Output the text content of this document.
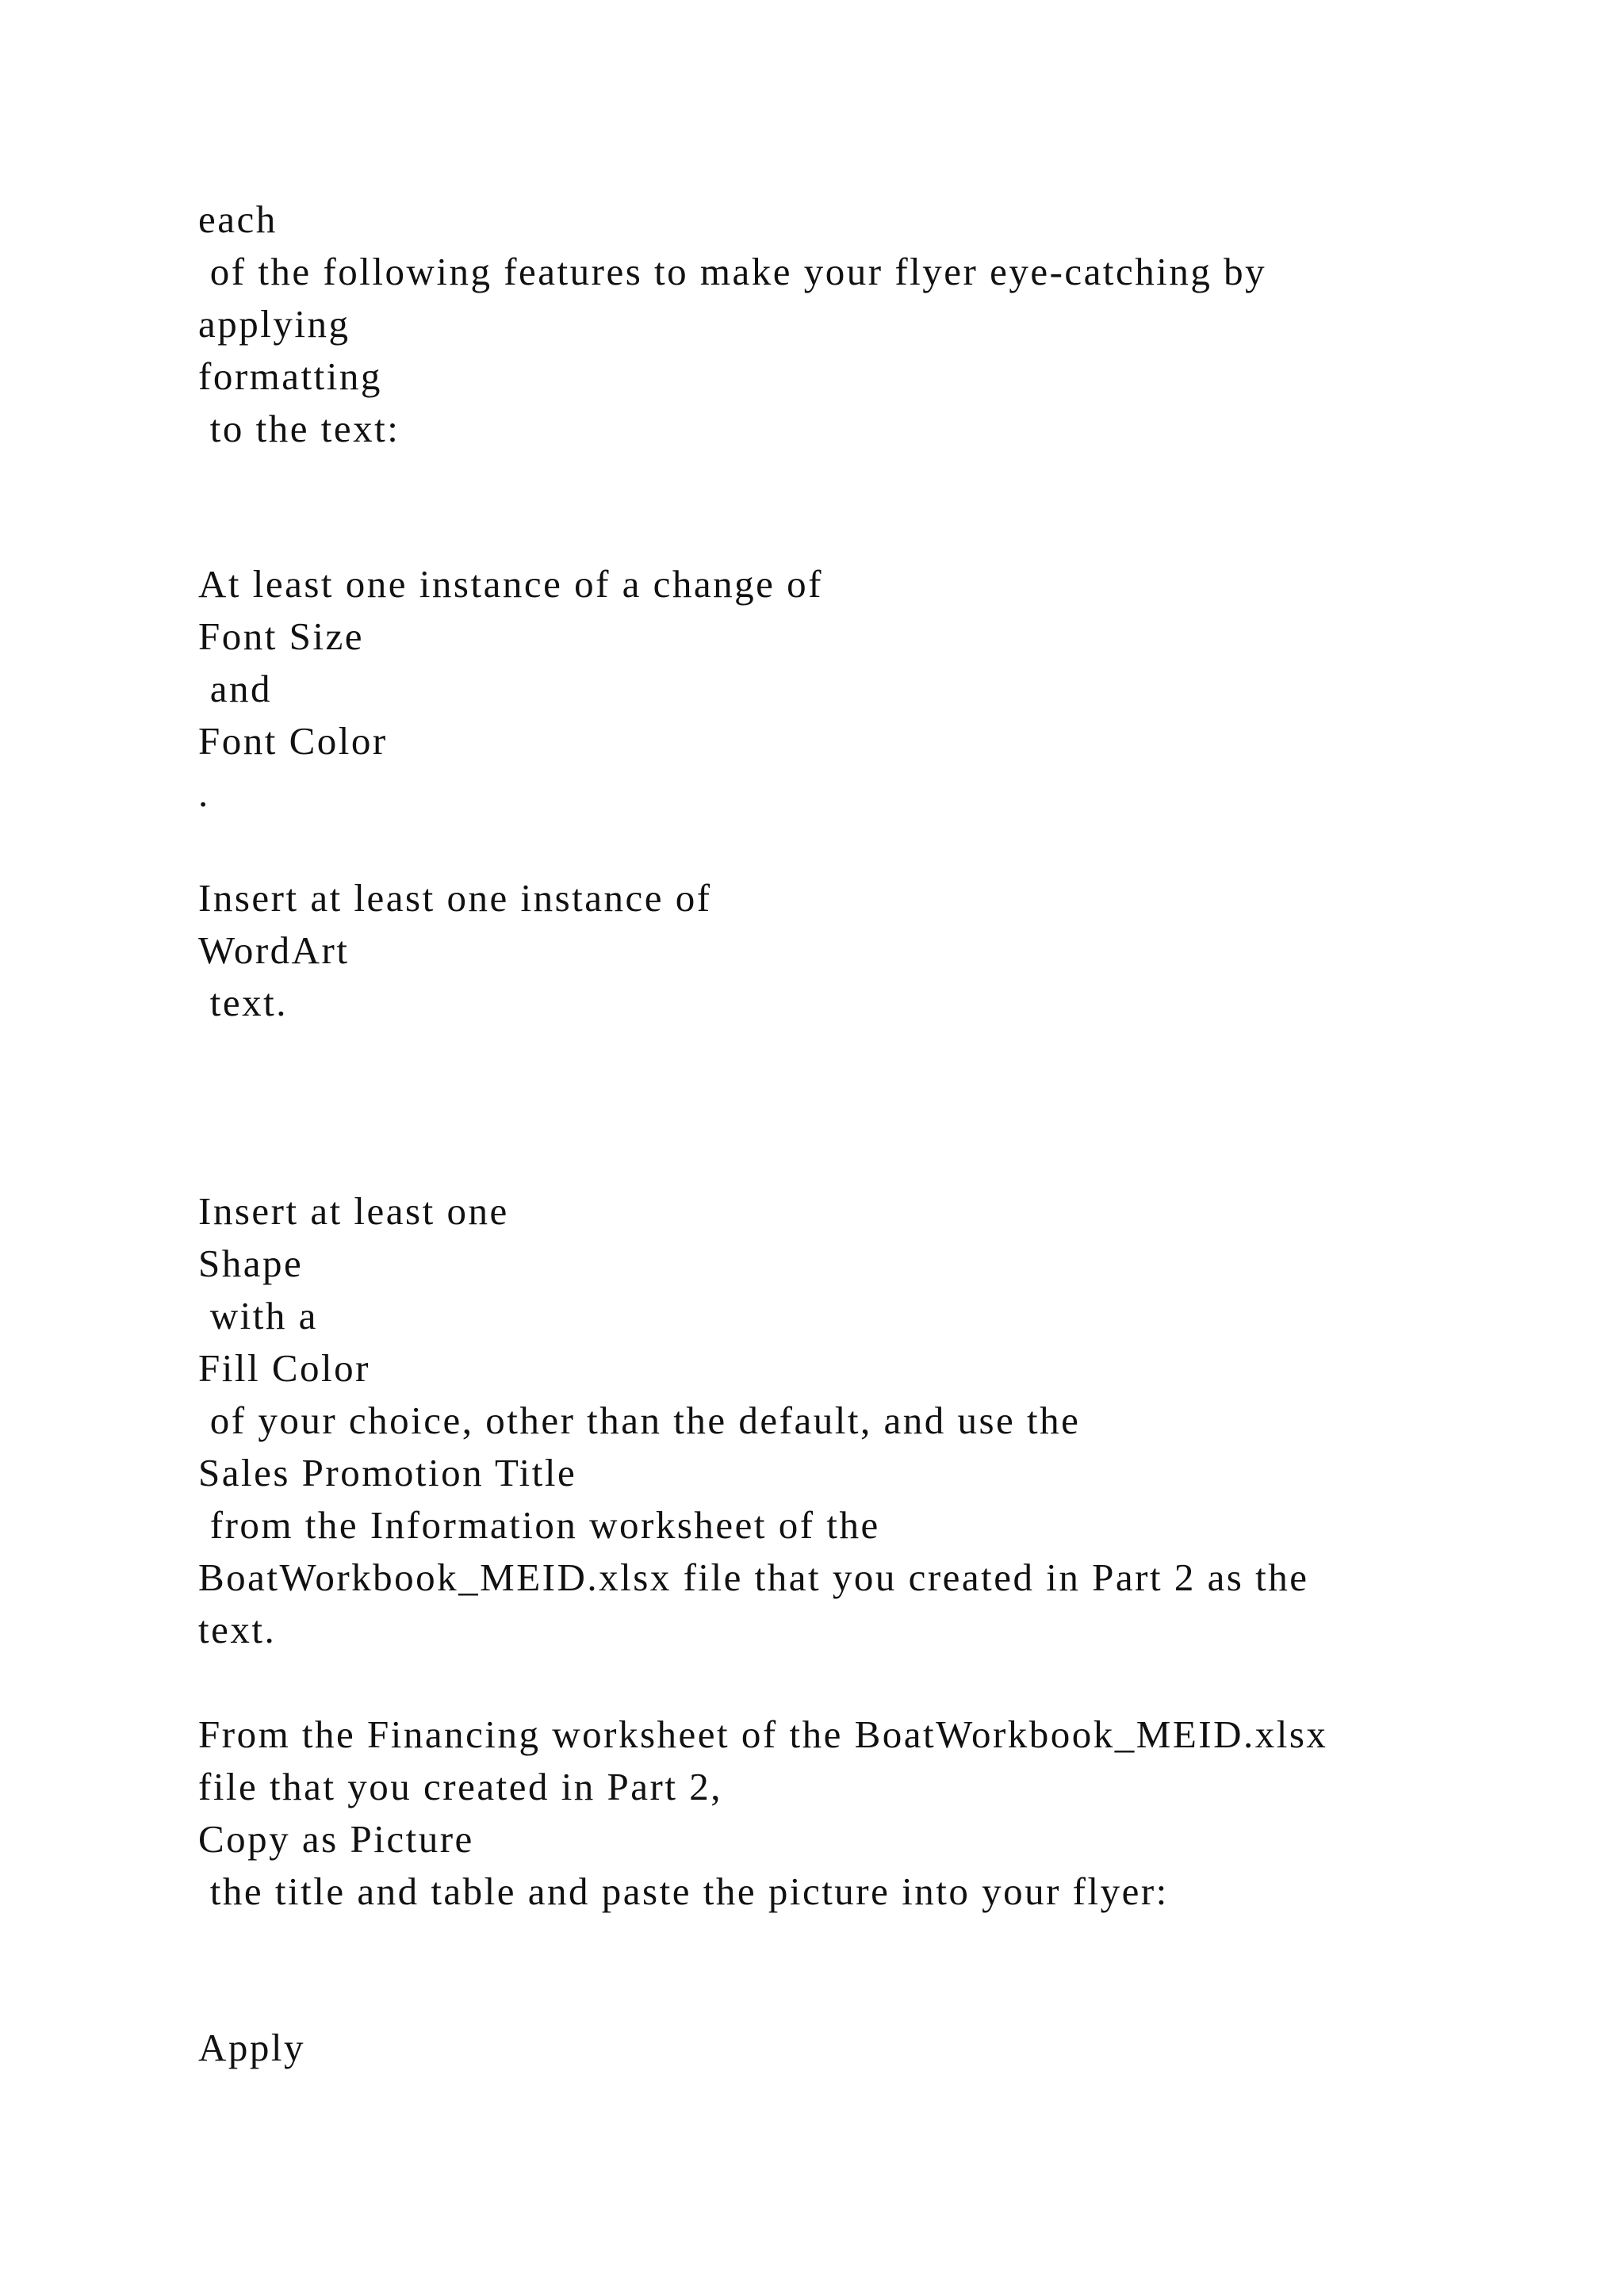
each
of the following features to make your flyer eye-catching by
applying
formatting
to the text:
At least one instance of a change of
Font Size
and
Font Color
.
Insert at least one instance of
WordArt
text.
Insert at least one
Shape
with a
Fill Color
of your choice, other than the default, and use the
Sales Promotion Title
from the Information worksheet of the
BoatWorkbook_MEID.xlsx file that you created in Part 2 as the
text.
From the Financing worksheet of the BoatWorkbook_MEID.xlsx
file that you created in Part 2,
Copy as Picture
the title and table and paste the picture into your flyer:
Apply
